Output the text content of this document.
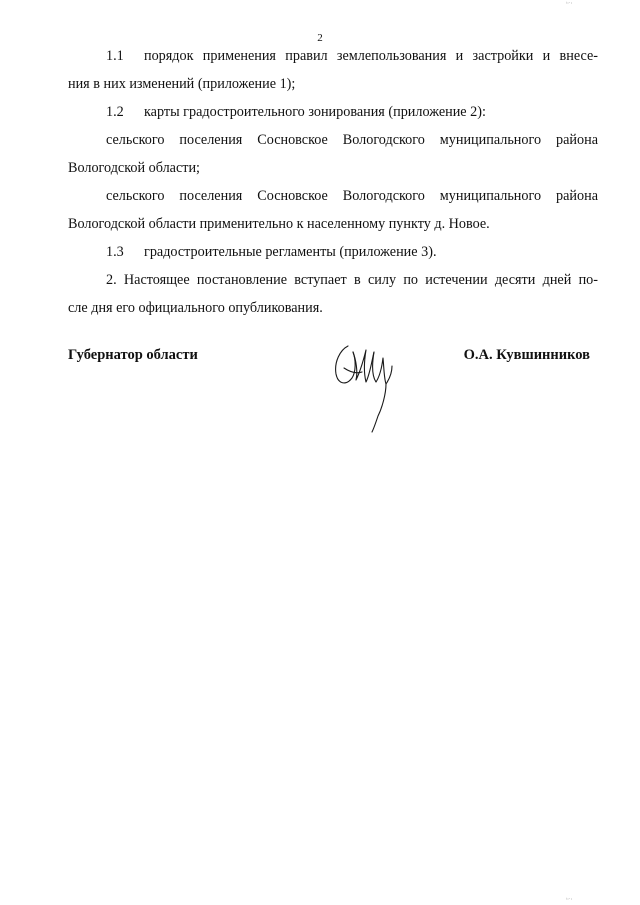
2
ᵢ,.,
ᵢ,.,

1.1 порядок применения правил землепользования и застройки и внесе-

ния в них изменений (приложение 1);

1.2 карты градостроительного зонирования (приложение 2):

сельского поселения Сосновское Вологодского муниципального района

Вологодской области;

сельского поселения Сосновское Вологодского муниципального района

Вологодской области применительно к населенному пункту д. Новое.

1.3 градостроительные регламенты (приложение 3).

2. Настоящее постановление вступает в силу по истечении десяти дней по-

сле дня его официального опубликования.

Губернатор области	О.А. Кувшинников
